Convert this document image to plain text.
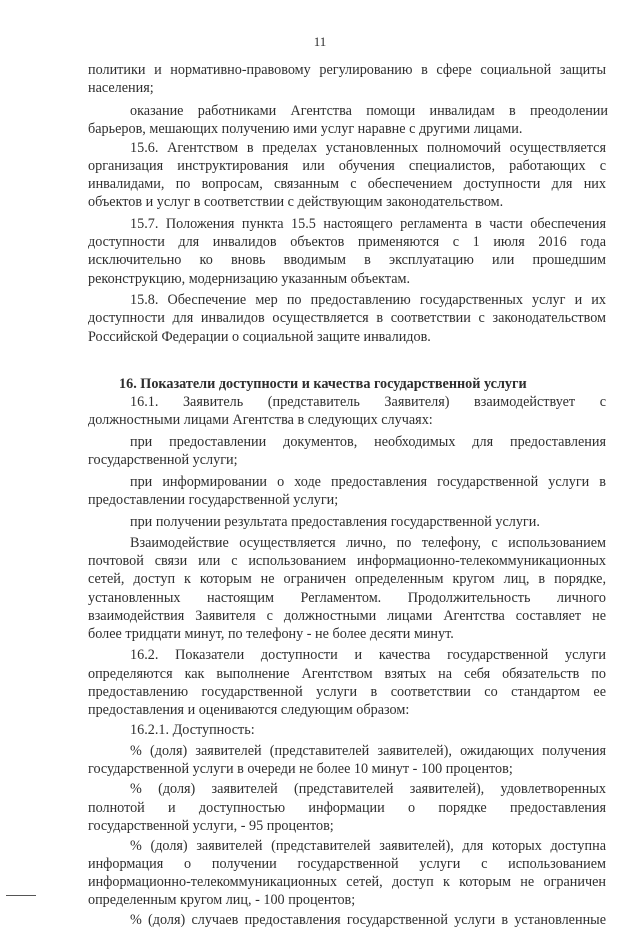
11
политики и нормативно-правовому регулированию в сфере социальной защиты
населения;
оказание работниками Агентства помощи инвалидам в преодолении
барьеров, мешающих получению ими услуг наравне с другими лицами.
15.6. Агентством в пределах установленных полномочий осуществляется
организация инструктирования или обучения специалистов, работающих с
инвалидами, по вопросам, связанным с обеспечением доступности для них
объектов и услуг в соответствии с действующим законодательством.
15.7. Положения пункта 15.5 настоящего регламента в части обеспечения
доступности для инвалидов объектов применяются с 1 июля 2016 года
исключительно ко вновь вводимым в эксплуатацию или прошедшим
реконструкцию, модернизацию указанным объектам.
15.8. Обеспечение мер по предоставлению государственных услуг и их
доступности для инвалидов осуществляется в соответствии с законодательством
Российской Федерации о социальной защите инвалидов.
16. Показатели доступности и качества государственной услуги
16.1. Заявитель (представитель Заявителя) взаимодействует с
должностными лицами Агентства в следующих случаях:
при предоставлении документов, необходимых для предоставления
государственной услуги;
при информировании о ходе предоставления государственной услуги в
предоставлении государственной услуги;
при получении результата предоставления государственной услуги.
Взаимодействие осуществляется лично, по телефону, с использованием
почтовой связи или с использованием информационно-телекоммуникационных
сетей, доступ к которым не ограничен определенным кругом лиц, в порядке,
установленных настоящим Регламентом. Продолжительность личного
взаимодействия Заявителя с должностными лицами Агентства составляет не
более тридцати минут, по телефону - не более десяти минут.
16.2. Показатели доступности и качества государственной услуги
определяются как выполнение Агентством взятых на себя обязательств по
предоставлению государственной услуги в соответствии со стандартом ее
предоставления и оцениваются следующим образом:
16.2.1. Доступность:
% (доля) заявителей (представителей заявителей), ожидающих получения
государственной услуги в очереди не более 10 минут - 100 процентов;
% (доля) заявителей (представителей заявителей), удовлетворенных
полнотой и доступностью информации о порядке предоставления
государственной услуги, - 95 процентов;
% (доля) заявителей (представителей заявителей), для которых доступна
информация о получении государственной услуги с использованием
информационно-телекоммуникационных сетей, доступ к которым не ограничен
определенным кругом лиц, - 100 процентов;
% (доля) случаев предоставления государственной услуги в установленные
